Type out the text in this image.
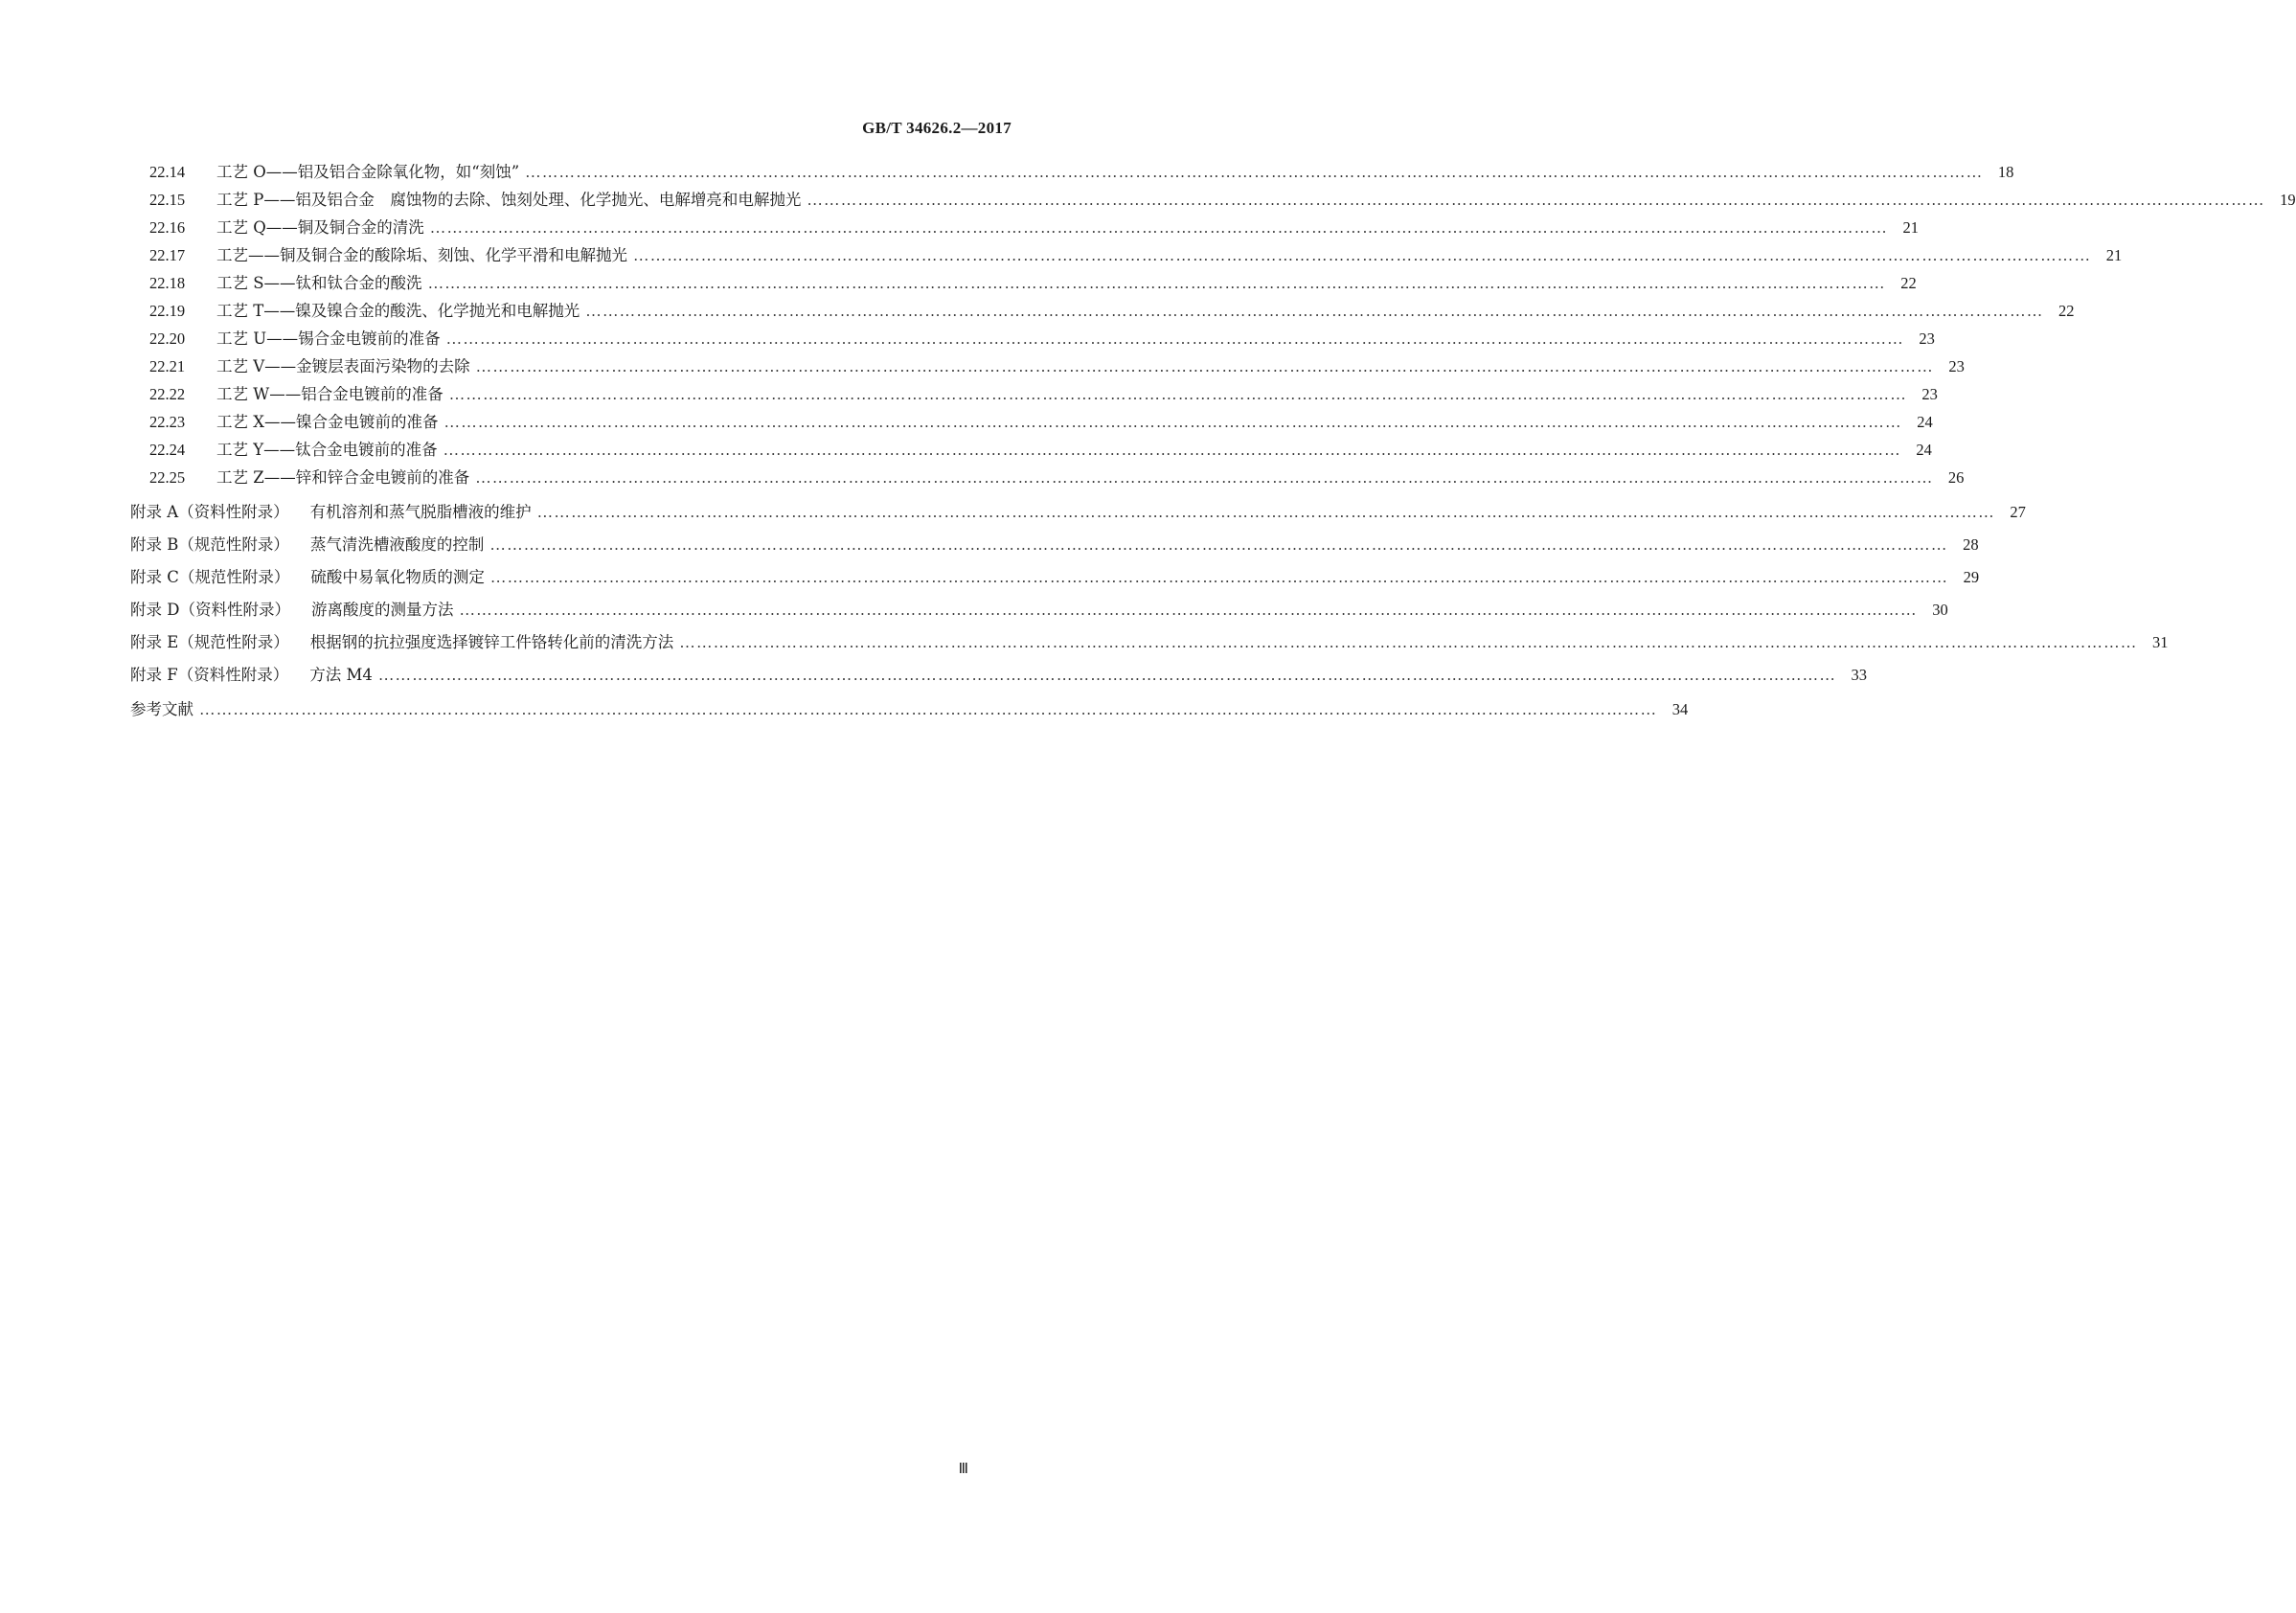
GB/T 34626.2—2017
22.14	工艺 O——铝及铝合金除氧化物，如“刻蚀” ……………………………………………………………………………………………………………………………………………………………………………………………………………………………………	18
22.15	工艺 P——铝及铝合金　腐蚀物的去除、蚀刻处理、化学抛光、电解增亮和电解抛光 ……………………………………………………………………………………………………………………………………………………………………………………………………………………………………	19
22.16	工艺 Q——铜及铜合金的清洗 ……………………………………………………………………………………………………………………………………………………………………………………………………………………………………	21
22.17	工艺——铜及铜合金的酸除垢、刻蚀、化学平滑和电解抛光 ……………………………………………………………………………………………………………………………………………………………………………………………………………………………………	21
22.18	工艺 S——钛和钛合金的酸洗 ……………………………………………………………………………………………………………………………………………………………………………………………………………………………………	22
22.19	工艺 T——镍及镍合金的酸洗、化学抛光和电解抛光 ……………………………………………………………………………………………………………………………………………………………………………………………………………………………………	22
22.20	工艺 U——锡合金电镀前的准备 ……………………………………………………………………………………………………………………………………………………………………………………………………………………………………	23
22.21	工艺 V——金镀层表面污染物的去除 ……………………………………………………………………………………………………………………………………………………………………………………………………………………………………	23
22.22	工艺 W——铝合金电镀前的准备 ……………………………………………………………………………………………………………………………………………………………………………………………………………………………………	23
22.23	工艺 X——镍合金电镀前的准备 ……………………………………………………………………………………………………………………………………………………………………………………………………………………………………	24
22.24	工艺 Y——钛合金电镀前的准备 ……………………………………………………………………………………………………………………………………………………………………………………………………………………………………	24
22.25	工艺 Z——锌和锌合金电镀前的准备 ……………………………………………………………………………………………………………………………………………………………………………………………………………………………………	26
附录 A（资料性附录） 有机溶剂和蒸气脱脂槽液的维护 ……………………………………………………………………………………………………………………………………………………………………………………………………………………………………	27
附录 B（规范性附录） 蒸气清洗槽液酸度的控制 ……………………………………………………………………………………………………………………………………………………………………………………………………………………………………	28
附录 C（规范性附录） 硫酸中易氧化物质的测定 ……………………………………………………………………………………………………………………………………………………………………………………………………………………………………	29
附录 D（资料性附录） 游离酸度的测量方法 ……………………………………………………………………………………………………………………………………………………………………………………………………………………………………	30
附录 E（规范性附录） 根据钢的抗拉强度选择镀锌工件铬转化前的清洗方法 ……………………………………………………………………………………………………………………………………………………………………………………………………………………………………	31
附录 F（资料性附录） 方法 M4 ……………………………………………………………………………………………………………………………………………………………………………………………………………………………………	33
参考文献 ……………………………………………………………………………………………………………………………………………………………………………………………………………………………………	34
Ⅲ
